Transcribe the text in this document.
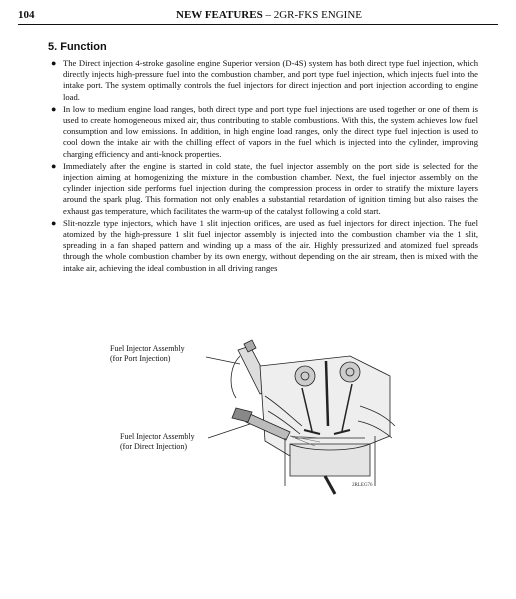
104	NEW FEATURES – 2GR-FKS ENGINE
5. Function
● The Direct injection 4-stroke gasoline engine Superior version (D-4S) system has both direct type fuel injection, which directly injects high-pressure fuel into the combustion chamber, and port type fuel injection, which injects fuel into the intake port. The system optimally controls the fuel injectors for direct injection and port injection according to engine load.
● In low to medium engine load ranges, both direct type and port type fuel injections are used together or one of them is used to create homogeneous mixed air, thus contributing to stable combustions. With this, the system achieves low fuel consumption and low emissions. In addition, in high engine load ranges, only the direct type fuel injection is used to cool down the intake air with the chilling effect of vapors in the fuel which is injected into the cylinder, improving charging efficiency and anti-knock properties.
● Immediately after the engine is started in cold state, the fuel injector assembly on the port side is selected for the injection aiming at homogenizing the mixture in the combustion chamber. Next, the fuel injector assembly on the cylinder injection side performs fuel injection during the compression process in order to stratify the mixture layers around the spark plug. This formation not only enables a substantial retardation of ignition timing but also raises the exhaust gas temperature, which facilitates the warm-up of the catalyst following a cold start.
● Slit-nozzle type injectors, which have 1 slit injection orifices, are used as fuel injectors for direct injection. The fuel atomized by the high-pressure 1 slit fuel injector assembly is injected into the combustion chamber via the 1 slit, spreading in a fan shaped pattern and winding up a mass of the air. Highly pressurized and atomized fuel spreads through the whole combustion chamber by its own energy, without depending on the air stream, then is mixed with the intake air, achieving the ideal combustion in all driving ranges
Fuel Injector Assembly
(for Port Injection)
Fuel Injector Assembly
(for Direct Injection)
2RLEG76
